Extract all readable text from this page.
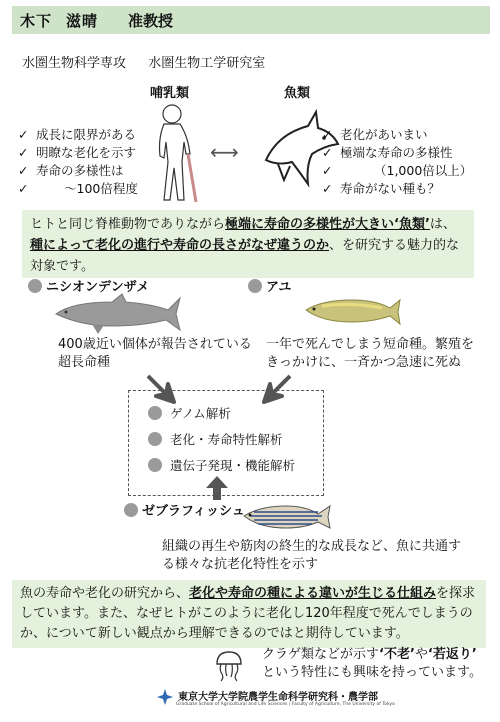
木下 滋晴	准教授
水圏生物科学専攻 水圏生物工学研究室
哺乳類	魚類
✓ 成長に限界がある
✓ 明瞭な老化を示す
✓ 寿命の多様性は
✓ 〜100倍程度
⟷
✓ 老化があいまい
✓ 極端な寿命の多様性
✓ （1,000倍以上）
✓ 寿命がない種も？
ヒトと同じ脊椎動物でありながら極端に寿命の多様性が大きい‘魚類’は、種によって老化の進行や寿命の長さがなぜ違うのか、を研究する魅力的な対象です。
ニシオンデンザメ
400歳近い個体が報告されている超長命種
アユ
一年で死んでしまう短命種。繁殖をきっかけに、一斉かつ急速に死ぬ
ゲノム解析
老化・寿命特性解析
遺伝子発現・機能解析
ゼブラフィッシュ
組織の再生や筋肉の終生的な成長など、魚に共通する様々な抗老化特性を示す
魚の寿命や老化の研究から、老化や寿命の種による違いが生じる仕組みを探求しています。また、なぜヒトがこのように老化し120年程度で死んでしまうのか、について新しい観点から理解できるのではと期待しています。
クラゲ類などが示す‘不老’や‘若返り’
という特性にも興味を持っています。
東京大学大学院農学生命科学研究科・農学部
Graduate School of Agricultural and Life Sciences / Faculty of Agriculture, The University of Tokyo
